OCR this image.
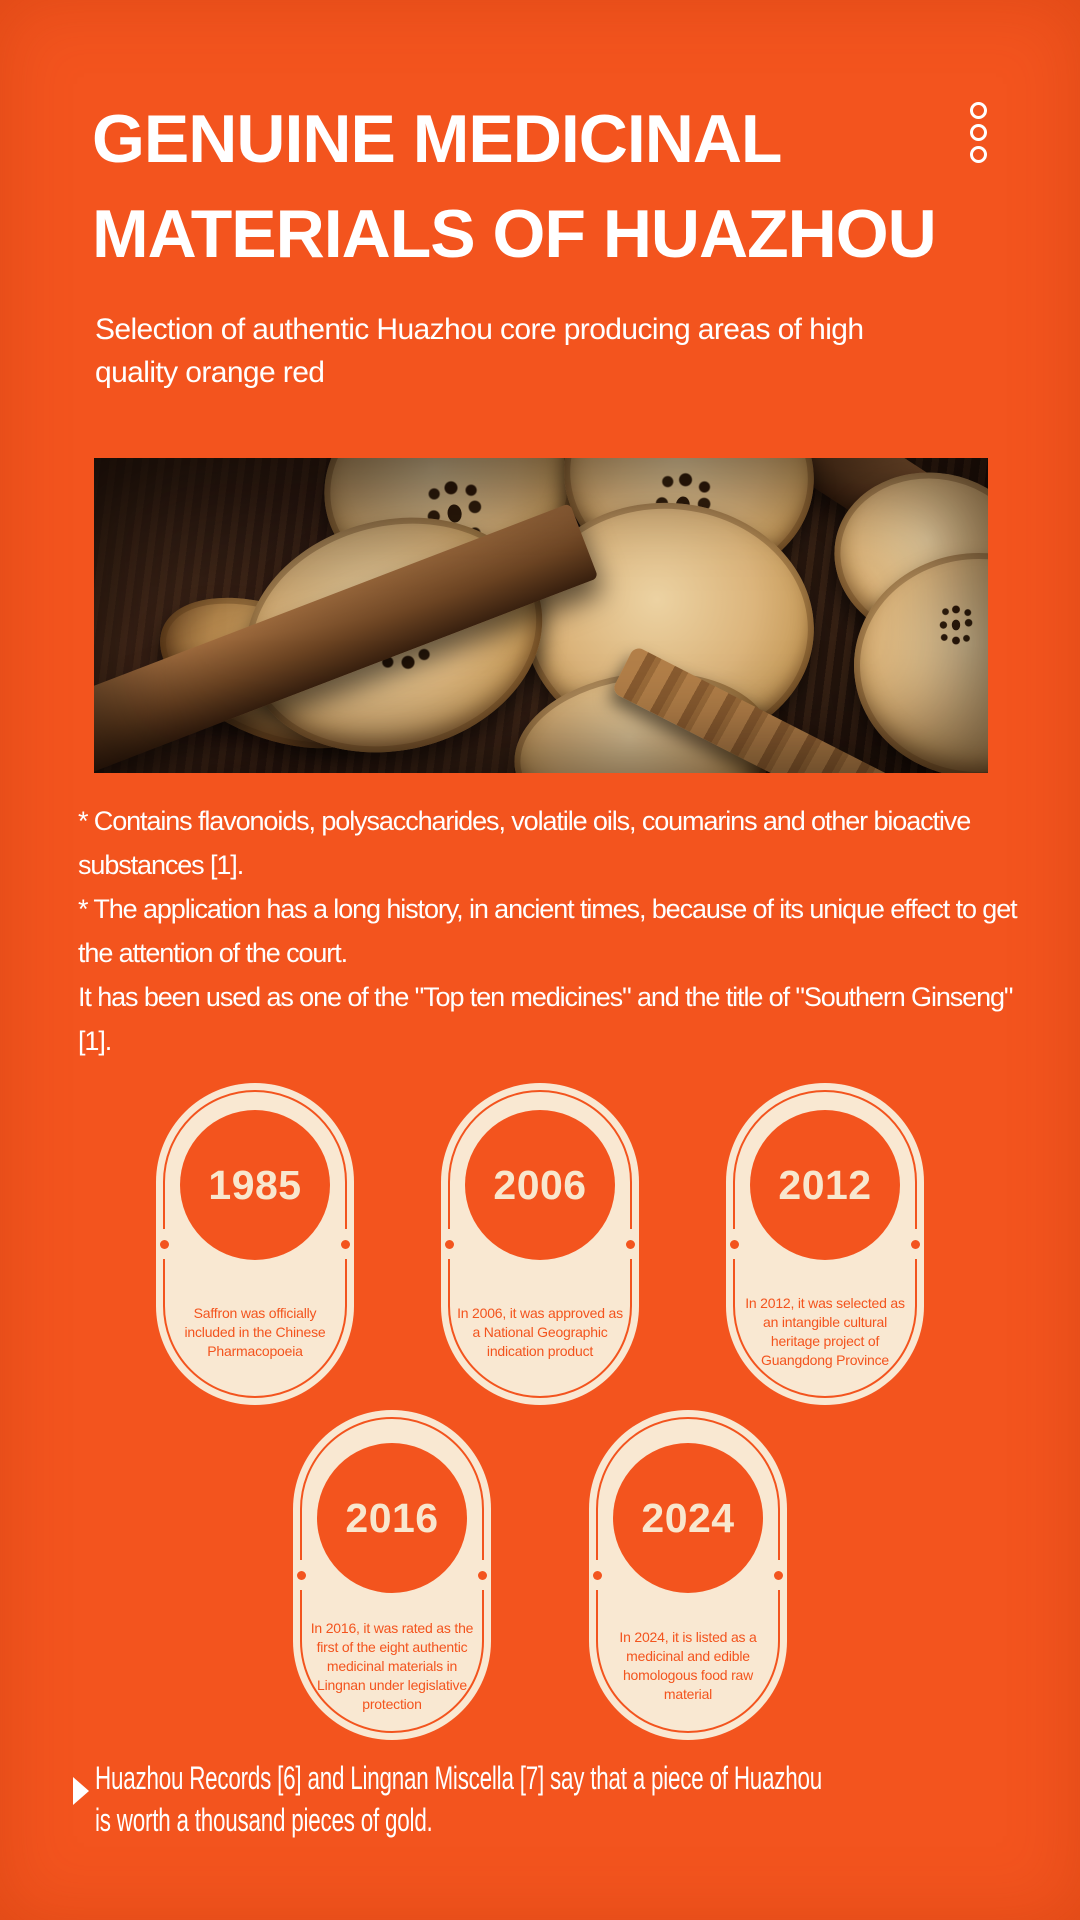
GENUINE MEDICINAL
MATERIALS OF HUAZHOU
Selection of authentic Huazhou core producing areas of high quality orange red

* Contains flavonoids, polysaccharides, volatile oils, coumarins and other bioactive substances [1].

* The application has a long history, in ancient times, because of its unique effect to get the attention of the court.

It has been used as one of the "Top ten medicines" and the title of "Southern Ginseng" [1].

1985
Saffron was officially included in the Chinese Pharmacopoeia
2006
In 2006, it was approved as a National Geographic indication product
2012
In 2012, it was selected as an intangible cultural heritage project of Guangdong Province
2016
In 2016, it was rated as the first of the eight authentic medicinal materials in Lingnan under legislative protection
2024
In 2024, it is listed as a medicinal and edible homologous food raw material
Huazhou Records [6] and Lingnan Miscella [7] say that a piece of Huazhou is worth a thousand pieces of gold.
